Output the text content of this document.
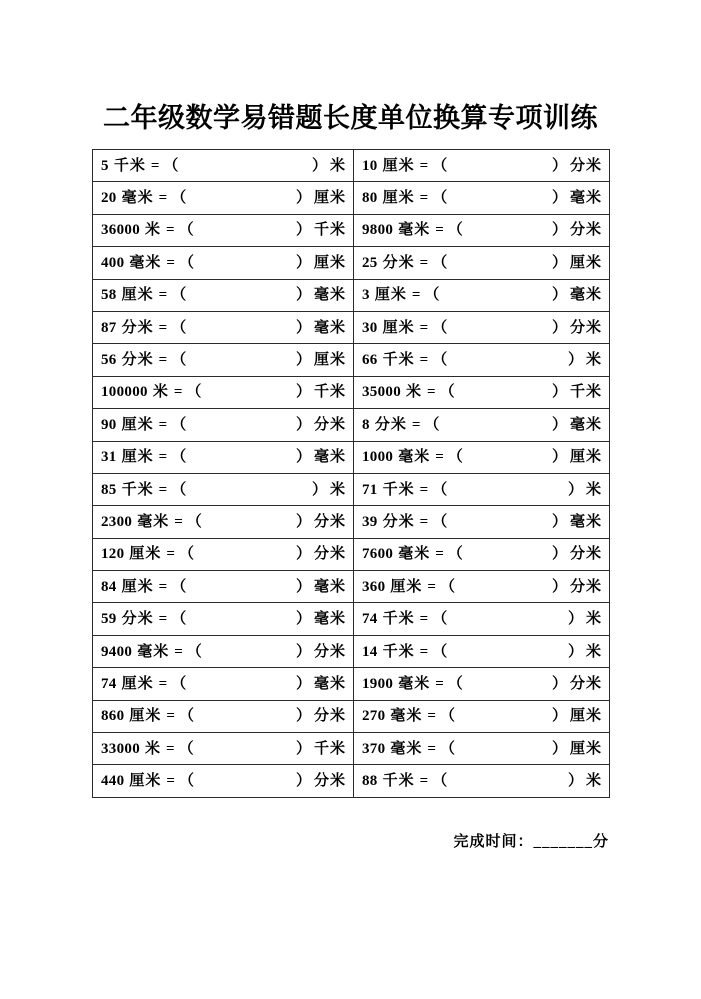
二年级数学易错题长度单位换算专项训练
5 千米 = （ ） 米	10 厘米 = （ ） 分米

20 毫米 = （ ） 厘米	80 厘米 = （ ） 毫米

36000 米 = （ ） 千米	9800 毫米 = （ ） 分米

400 毫米 = （ ） 厘米	25 分米 = （ ） 厘米

58 厘米 = （ ） 毫米	3 厘米 = （ ） 毫米

87 分米 = （ ） 毫米	30 厘米 = （ ） 分米

56 分米 = （ ） 厘米	66 千米 = （ ） 米

100000 米 = （ ） 千米	35000 米 = （ ） 千米

90 厘米 = （ ） 分米	8 分米 = （ ） 毫米

31 厘米 = （ ） 毫米	1000 毫米 = （ ） 厘米

85 千米 = （ ） 米	71 千米 = （ ） 米

2300 毫米 = （ ） 分米	39 分米 = （ ） 毫米

120 厘米 = （ ） 分米	7600 毫米 = （ ） 分米

84 厘米 = （ ） 毫米	360 厘米 = （ ） 分米

59 分米 = （ ） 毫米	74 千米 = （ ） 米

9400 毫米 = （ ） 分米	14 千米 = （ ） 米

74 厘米 = （ ） 毫米	1900 毫米 = （ ） 分米

860 厘米 = （ ） 分米	270 毫米 = （ ） 厘米

33000 米 = （ ） 千米	370 毫米 = （ ） 厘米

440 厘米 = （ ） 分米	88 千米 = （ ） 米
完成时间：_______分
